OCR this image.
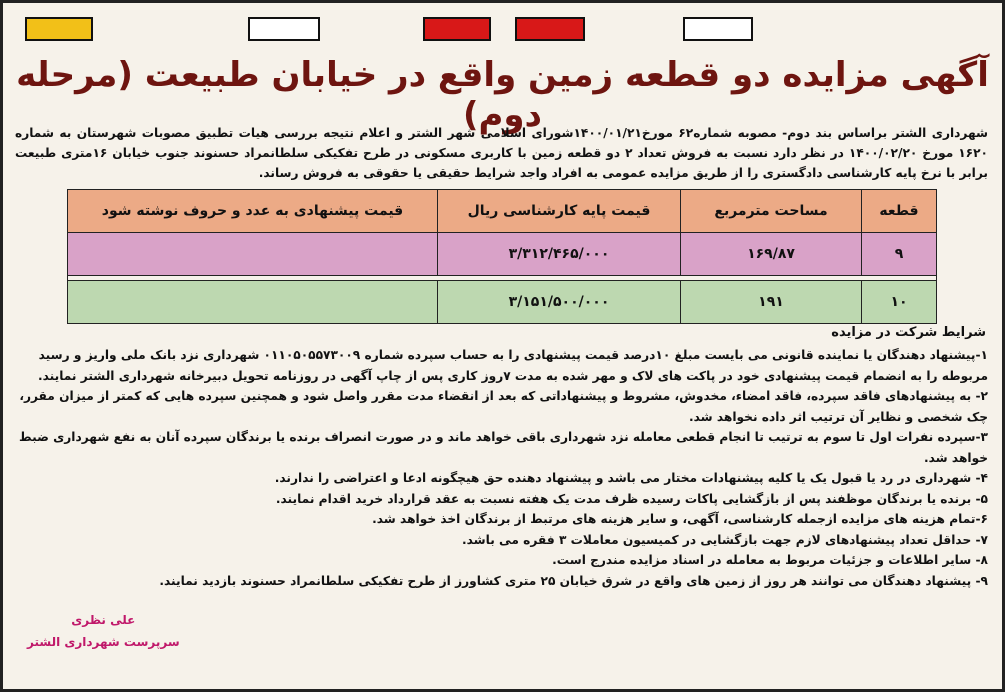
آگهی مزایده دو قطعه زمین واقع در خیابان طبیعت (مرحله دوم)
شهرداری الشتر براساس بند دوم- مصوبه شماره۶۲ مورخ۱۴۰۰/۰۱/۲۱شورای اسلامی شهر الشتر و اعلام نتیجه بررسی هیات تطبیق مصوبات شهرستان به شماره ۱۶۲۰ مورخ ۱۴۰۰/۰۲/۲۰ در نظر دارد نسبت به فروش تعداد ۲ دو قطعه زمین با کاربری مسکونی در طرح تفکیکی سلطانمراد حسنوند جنوب خیابان ۱۶متری طبیعت برابر با نرخ پایه کارشناسی دادگستری را از طریق مزایده عمومی به افراد واجد شرایط حقیقی یا حقوقی به فروش رساند.
قطعه	مساحت مترمربع	قیمت پایه کارشناسی ریال	قیمت پیشنهادی به عدد و حروف نوشته شود
۹	۱۶۹/۸۷	۳/۳۱۲/۴۶۵/۰۰۰	

۱۰	۱۹۱	۳/۱۵۱/۵۰۰/۰۰۰	
شرایط شرکت در مزایده

۱-پیشنهاد دهندگان یا نماینده قانونی می بایست مبلغ ۱۰درصد قیمت پیشنهادی را به حساب سپرده شماره ۰۱۱۰۵۰۵۵۷۳۰۰۹ شهرداری نزد بانک ملی واریز و رسید مربوطه را به انضمام قیمت پیشنهادی خود در پاکت های لاک و مهر شده به مدت ۷روز کاری پس از چاپ آگهی در روزنامه تحویل دبیرخانه شهرداری الشتر نمایند.

۲- به پیشنهادهای فاقد سپرده، فاقد امضاء، مخدوش، مشروط و پیشنهاداتی که بعد از انقضاء مدت مقرر واصل شود و همچنین سپرده هایی که کمتر از میزان مقرر، چک شخصی و نظایر آن ترتیب اثر داده نخواهد شد.

۳-سپرده نفرات اول تا سوم به ترتیب تا انجام قطعی معامله نزد شهرداری باقی خواهد ماند و در صورت انصراف برنده یا برندگان سپرده آنان به نفع شهرداری ضبط خواهد شد.

۴- شهرداری در رد یا قبول یک یا کلیه پیشنهادات مختار می باشد و پیشنهاد دهنده حق هیچگونه ادعا و اعتراضی را ندارند.

۵- برنده یا برندگان موظفند پس از بازگشایی پاکات رسیده ظرف مدت یک هفته نسبت به عقد قرارداد خرید اقدام نمایند.

۶-تمام هزینه های مزایده ازجمله کارشناسی، آگهی، و سایر هزینه های مرتبط از برندگان اخذ خواهد شد.

۷- حداقل تعداد پیشنهادهای لازم جهت بازگشایی در کمیسیون معاملات ۳ فقره می باشد.

۸- سایر اطلاعات و جزئیات مربوط به معامله در اسناد مزایده مندرج است.

۹- پیشنهاد دهندگان می توانند هر روز از زمین های واقع در شرق خیابان ۲۵ متری کشاورز از طرح تفکیکی سلطانمراد حسنوند بازدید نمایند.

علی نظری
سرپرست شهرداری الشتر
